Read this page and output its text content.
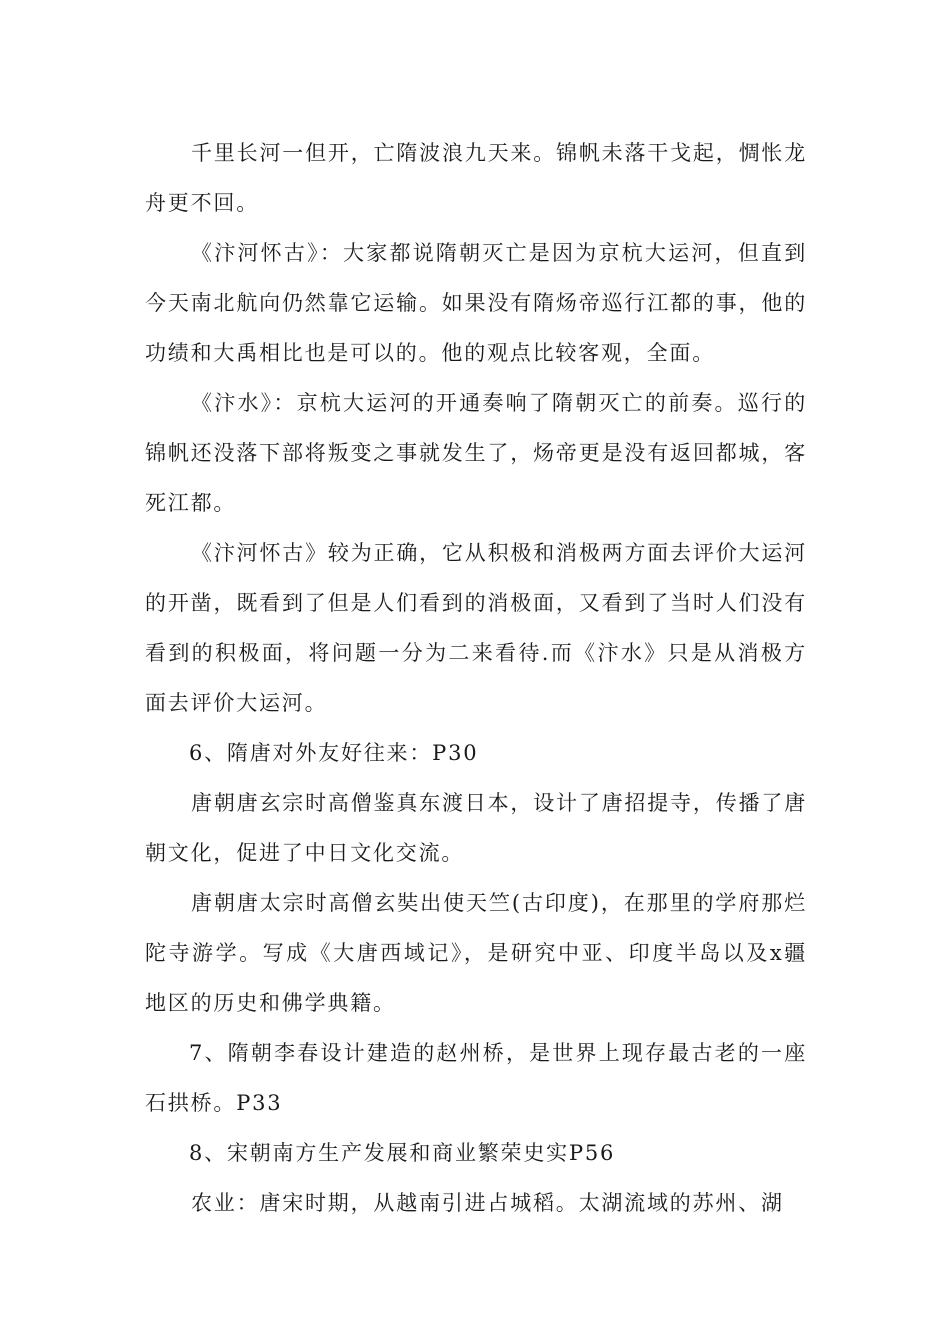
千里长河一但开，亡隋波浪九天来。锦帆未落干戈起，惆怅龙舟更不回。

《汴河怀古》：大家都说隋朝灭亡是因为京杭大运河，但直到今天南北航向仍然靠它运输。如果没有隋炀帝巡行江都的事，他的功绩和大禹相比也是可以的。他的观点比较客观，全面。

《汴水》：京杭大运河的开通奏响了隋朝灭亡的前奏。巡行的锦帆还没落下部将叛变之事就发生了，炀帝更是没有返回都城，客死江都。

《汴河怀古》较为正确，它从积极和消极两方面去评价大运河的开凿，既看到了但是人们看到的消极面，又看到了当时人们没有看到的积极面，将问题一分为二来看待.而《汴水》只是从消极方面去评价大运河。

6、隋唐对外友好往来：P30

唐朝唐玄宗时高僧鉴真东渡日本，设计了唐招提寺，传播了唐朝文化，促进了中日文化交流。

唐朝唐太宗时高僧玄奘出使天竺(古印度)，在那里的学府那烂陀寺游学。写成《大唐西域记》，是研究中亚、印度半岛以及x疆地区的历史和佛学典籍。

7、隋朝李春设计建造的赵州桥，是世界上现存最古老的一座石拱桥。P33

8、宋朝南方生产发展和商业繁荣史实P56

农业：唐宋时期，从越南引进占城稻。太湖流域的苏州、湖
